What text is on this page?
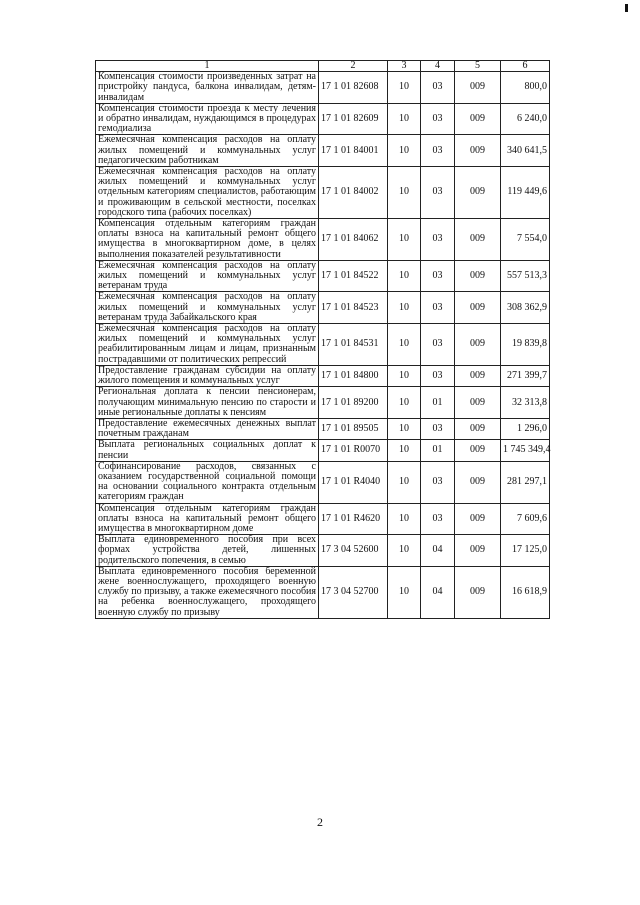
1	2	3	4	5	6
Компенсация стоимости произведенных затрат на пристройку пандуса, балкона инвалидам, детям-инвалидам	17 1 01 82608	10	03	009	800,0
Компенсация стоимости проезда к месту лечения и обратно инвалидам, нуждающимся в процедурах гемодиализа	17 1 01 82609	10	03	009	6 240,0
Ежемесячная компенсация расходов на оплату жилых помещений и коммунальных услуг педагогическим работникам	17 1 01 84001	10	03	009	340 641,5
Ежемесячная компенсация расходов на оплату жилых помещений и коммунальных услуг отдельным категориям специалистов, работающим и проживающим в сельской местности, поселках городского типа (рабочих поселках)	17 1 01 84002	10	03	009	119 449,6
Компенсация отдельным категориям граждан оплаты взноса на капитальный ремонт общего имущества в многоквартирном доме, в целях выполнения показателей результативности	17 1 01 84062	10	03	009	7 554,0
Ежемесячная компенсация расходов на оплату жилых помещений и коммунальных услуг ветеранам труда	17 1 01 84522	10	03	009	557 513,3
Ежемесячная компенсация расходов на оплату жилых помещений и коммунальных услуг ветеранам труда Забайкальского края	17 1 01 84523	10	03	009	308 362,9
Ежемесячная компенсация расходов на оплату жилых помещений и коммунальных услуг реабилитированным лицам и лицам, признанным пострадавшими от политических репрессий	17 1 01 84531	10	03	009	19 839,8
Предоставление гражданам субсидии на оплату жилого помещения и коммунальных услуг	17 1 01 84800	10	03	009	271 399,7
Региональная доплата к пенсии пенсионерам, получающим минимальную пенсию по старости и иные региональные доплаты к пенсиям	17 1 01 89200	10	01	009	32 313,8
Предоставление ежемесячных денежных выплат почетным гражданам	17 1 01 89505	10	03	009	1 296,0
Выплата региональных социальных доплат к пенсии	17 1 01 R0070	10	01	009	1 745 349,4
Софинансирование расходов, связанных с оказанием государственной социальной помощи на основании социального контракта отдельным категориям граждан	17 1 01 R4040	10	03	009	281 297,1
Компенсация отдельным категориям граждан оплаты взноса на капитальный ремонт общего имущества в многоквартирном доме	17 1 01 R4620	10	03	009	7 609,6
Выплата единовременного пособия при всех формах устройства детей, лишенных родительского попечения, в семью	17 3 04 52600	10	04	009	17 125,0
Выплата единовременного пособия беременной жене военнослужащего, проходящего военную службу по призыву, а также ежемесячного пособия на ребенка военнослужащего, проходящего военную службу по призыву	17 3 04 52700	10	04	009	16 618,9
2
